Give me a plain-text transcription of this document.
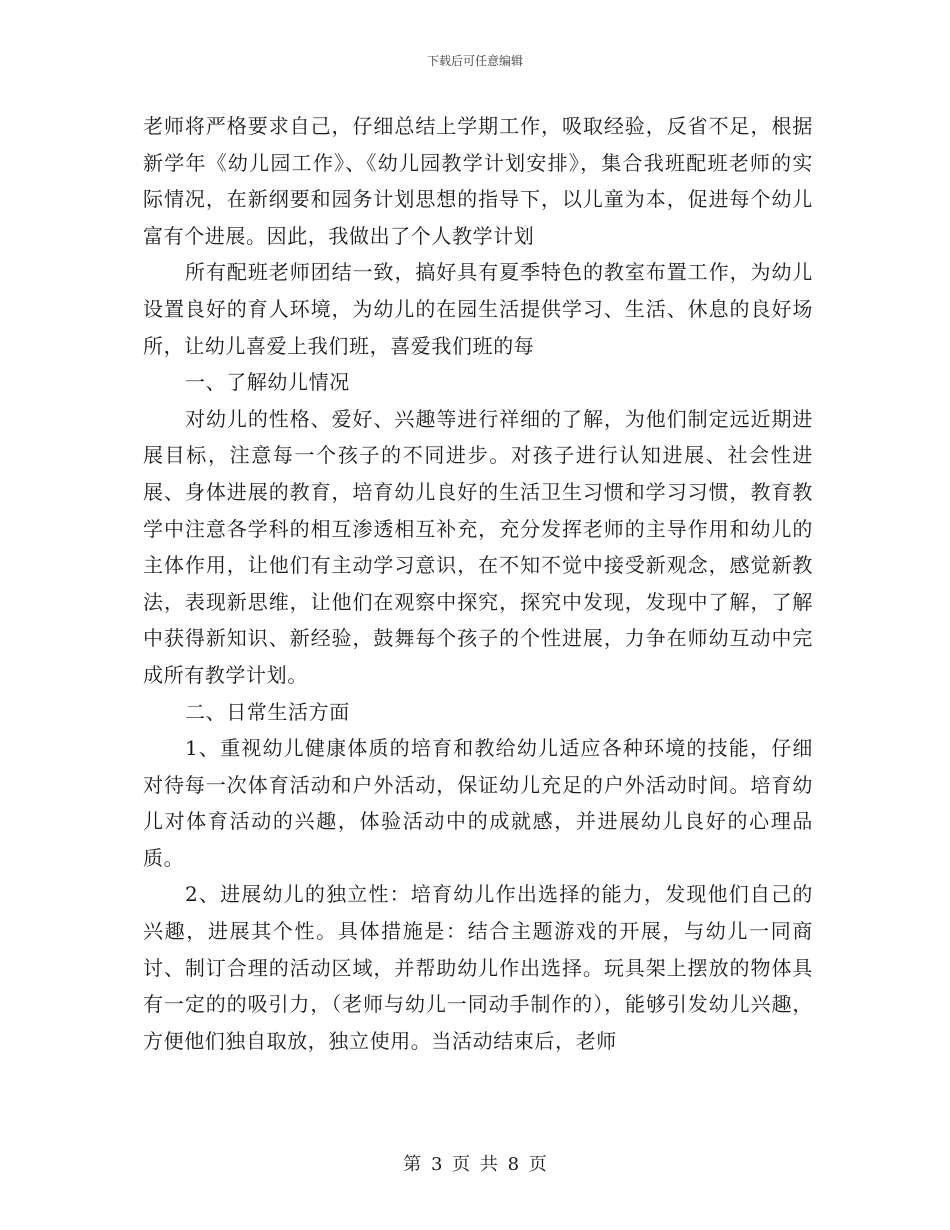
下载后可任意编辑

老师将严格要求自己，仔细总结上学期工作，吸取经验，反省不足，根据新学年《幼儿园工作》、《幼儿园教学计划安排》，集合我班配班老师的实际情况，在新纲要和园务计划思想的指导下，以儿童为本，促进每个幼儿富有个进展。因此，我做出了个人教学计划

所有配班老师团结一致，搞好具有夏季特色的教室布置工作，为幼儿设置良好的育人环境，为幼儿的在园生活提供学习、生活、休息的良好场所，让幼儿喜爱上我们班，喜爱我们班的每

一、了解幼儿情况

对幼儿的性格、爱好、兴趣等进行祥细的了解，为他们制定远近期进展目标，注意每一个孩子的不同进步。对孩子进行认知进展、社会性进展、身体进展的教育，培育幼儿良好的生活卫生习惯和学习习惯，教育教学中注意各学科的相互渗透相互补充，充分发挥老师的主导作用和幼儿的主体作用，让他们有主动学习意识，在不知不觉中接受新观念，感觉新教法，表现新思维，让他们在观察中探究，探究中发现，发现中了解，了解中获得新知识、新经验，鼓舞每个孩子的个性进展，力争在师幼互动中完成所有教学计划。

二、日常生活方面

1、重视幼儿健康体质的培育和教给幼儿适应各种环境的技能，仔细对待每一次体育活动和户外活动，保证幼儿充足的户外活动时间。培育幼儿对体育活动的兴趣，体验活动中的成就感，并进展幼儿良好的心理品质。

2、进展幼儿的独立性：培育幼儿作出选择的能力，发现他们自己的兴趣，进展其个性。具体措施是：结合主题游戏的开展，与幼儿一同商讨、制订合理的活动区域，并帮助幼儿作出选择。玩具架上摆放的物体具有一定的的吸引力，（老师与幼儿一同动手制作的），能够引发幼儿兴趣，方便他们独自取放，独立使用。当活动结束后，老师

第 3 页 共 8 页
